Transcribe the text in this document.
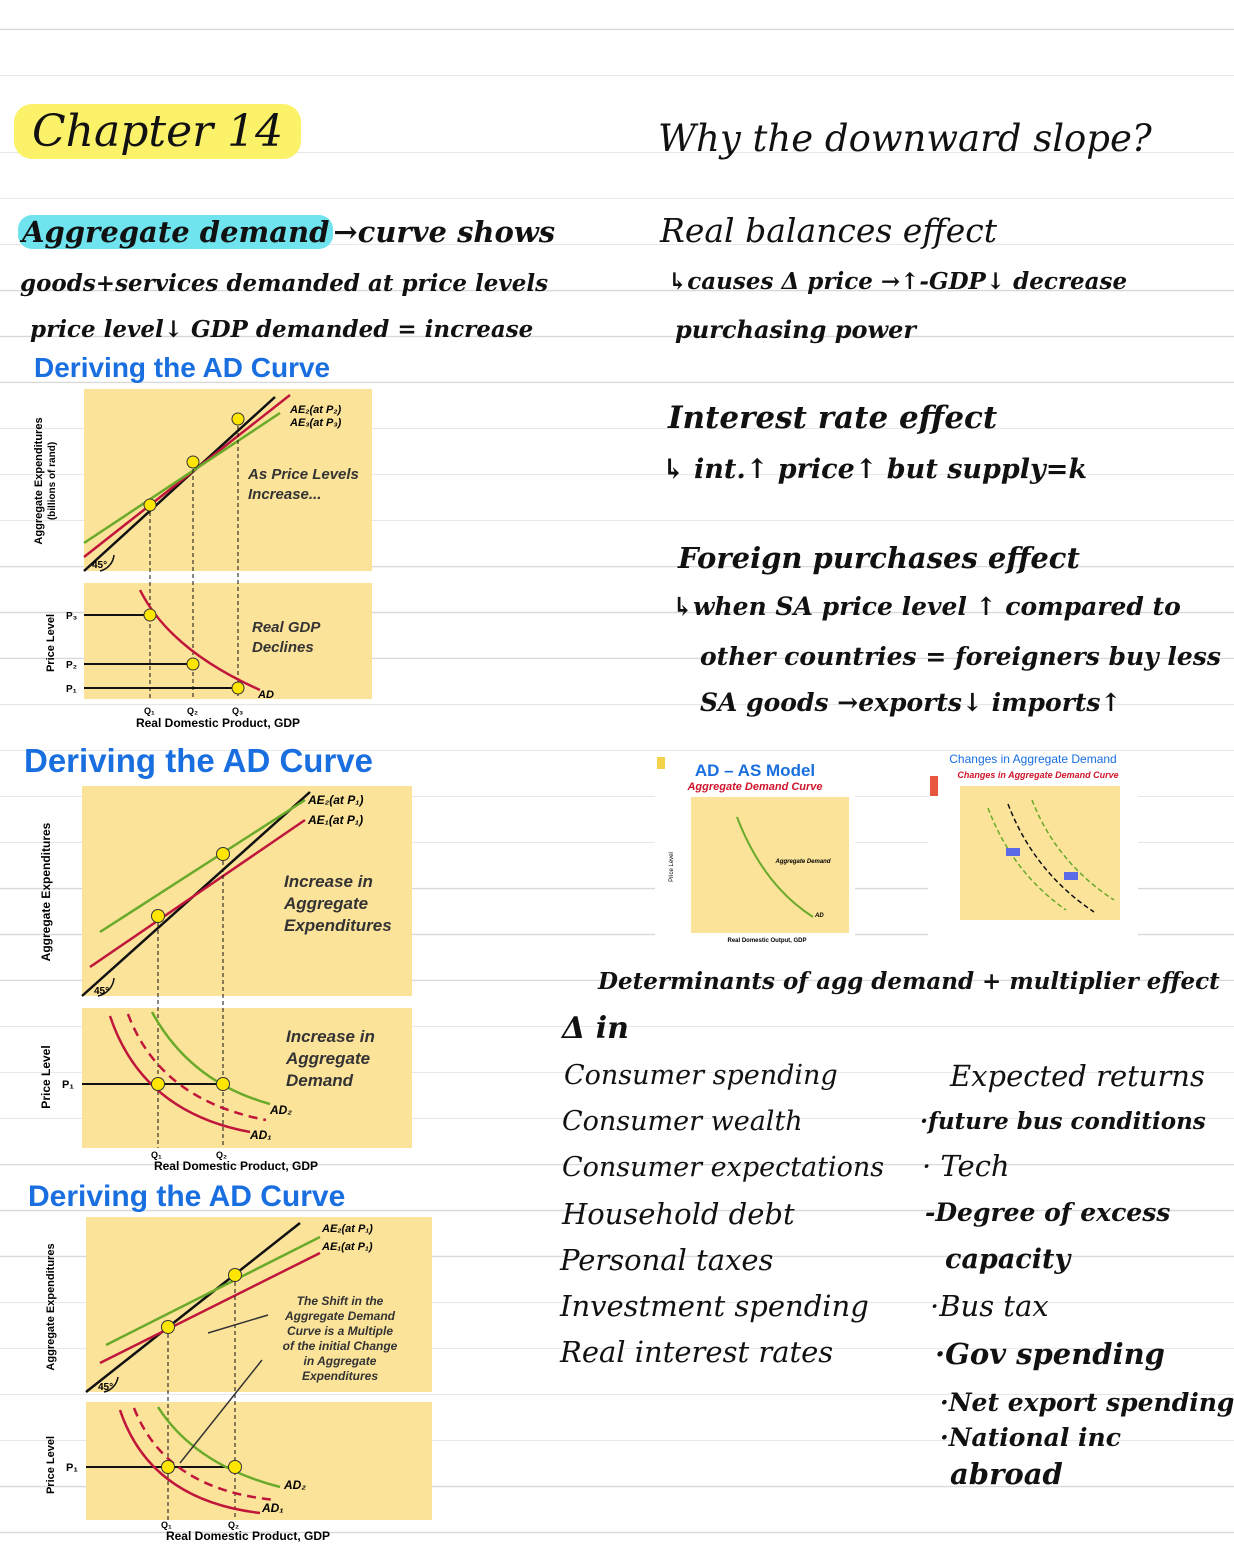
Chapter 14
Aggregate demand →curve shows
goods+services demanded at price levels
price level↓ GDP demanded = increase
Deriving the AD Curve
45°
AE₂(at P₂)
AE₃(at P₃)
As Price Levels
Increase...
Real GDP
Declines
AD
P₃
P₂
P₁
Q₁	Q₂	Q₃
Real Domestic Product, GDP
Aggregate Expenditures (billions of rand)
Price Level
Deriving the AD Curve
45°
AE₂(at P₁)
AE₁(at P₁)
Increase in
Aggregate
Expenditures
Increase in
Aggregate
Demand
AD₂
AD₁
P₁
Q₁	Q₂
Real Domestic Product, GDP
Aggregate Expenditures
Price Level
Deriving the AD Curve
45°
AE₂(at P₁)
AE₁(at P₁)
The Shift in the
Aggregate Demand
Curve is a Multiple
of the initial Change
in Aggregate
Expenditures
AD₂
AD₁
P₁
Q₁	Q₂
Real Domestic Product, GDP
Aggregate Expenditures
Price Level
Why the downward slope?
Real balances effect
↳causes Δ price →↑-GDP↓ decrease
purchasing power
Interest rate effect
↳ int.↑ price↑ but supply=k
Foreign purchases effect
↳when SA price level ↑ compared to
other countries = foreigners buy less
SA goods →exports↓ imports↑
AD – AS Model
Aggregate Demand Curve
Aggregate Demand
AD
Price Level
Real Domestic Output, GDP
Changes in Aggregate Demand
Changes in Aggregate Demand Curve
Determinants of agg demand + multiplier effect
Δ in
Consumer spending
Consumer wealth
Consumer expectations
Household debt
Personal taxes
Investment spending
Real interest rates
Expected returns
·future bus conditions
· Tech
-Degree of excess
capacity
·Bus tax
·Gov spending
·Net export spending
·National inc
abroad
